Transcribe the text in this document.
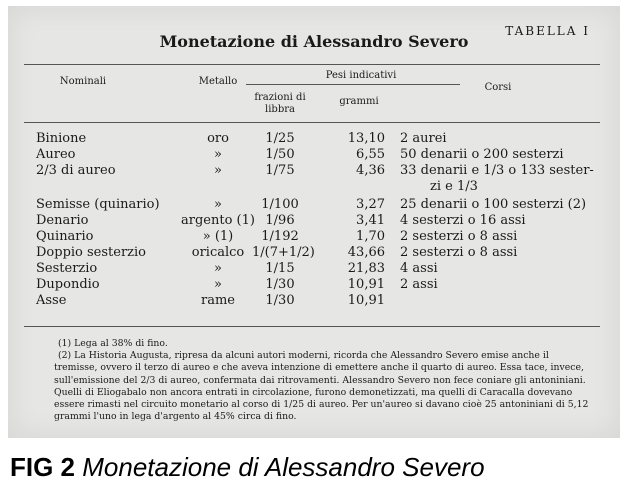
TABELLA I
Monetazione di Alessandro Severo
Nominali	Metallo
Pesi indicativi
frazioni di
libbra
grammi
Corsi
Binione	oro	1/25	13,10 2 aurei
Aureo	»	1/50	6,55 50 denarii o 200 sesterzi
2/3 di aureo	»	1/75	4,36 33 denarii e 1/3 o 133 sester-
zi e 1/3
Semisse (quinario)	»	1/100	3,27 25 denarii o 100 sesterzi (2)
Denario	argento (1) 1/96	3,41 4 sesterzi o 16 assi
Quinario	» (1)	1/192	1,70 2 sesterzi o 8 assi
Doppio sesterzio	oricalco 1/(7+1/2)	43,66 2 sesterzi o 8 assi
Sesterzio	»	1/15	21,83 4 assi
Dupondio	»	1/30	10,91 2 assi
Asse	rame	1/30	10,91

(1) Lega al 38% di fino.

(2) La Historia Augusta, ripresa da alcuni autori moderni, ricorda che Alessandro Severo emise anche il tremisse, ovvero il terzo di aureo e che aveva intenzione di emettere anche il quarto di aureo. Essa tace, invece, sull'emissione del 2/3 di aureo, confermata dai ritrovamenti. Alessandro Severo non fece coniare gli antoniniani. Quelli di Eliogabalo non ancora entrati in circolazione, furono demonetizzati, ma quelli di Caracalla dovevano essere rimasti nel circuito monetario al corso di 1/25 di aureo. Per un'aureo si davano cioè 25 antoniniani di 5,12 grammi l'uno in lega d'argento al 45% circa di fino.

FIG 2 Monetazione di Alessandro Severo
